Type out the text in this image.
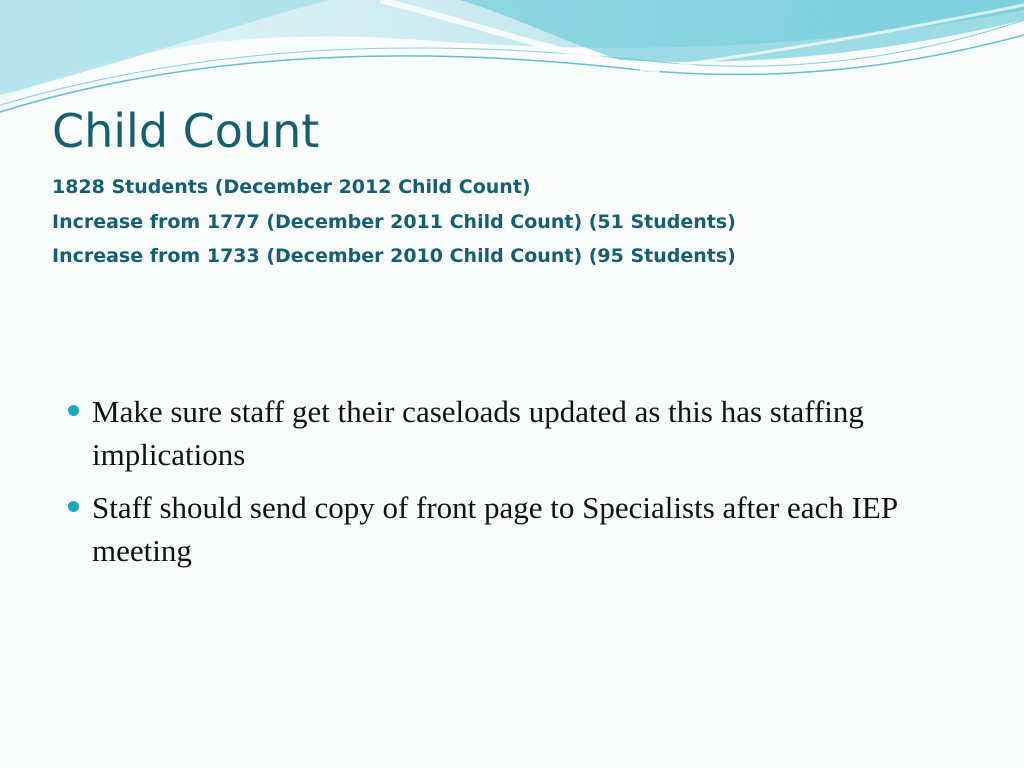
Child Count

1828 Students (December 2012 Child Count)

Increase from 1777 (December 2011 Child Count) (51 Students)

Increase from 1733 (December 2010 Child Count) (95 Students)

Make sure staff get their caseloads updated as this has staffing implications
Staff should send copy of front page to Specialists after each IEP meeting
